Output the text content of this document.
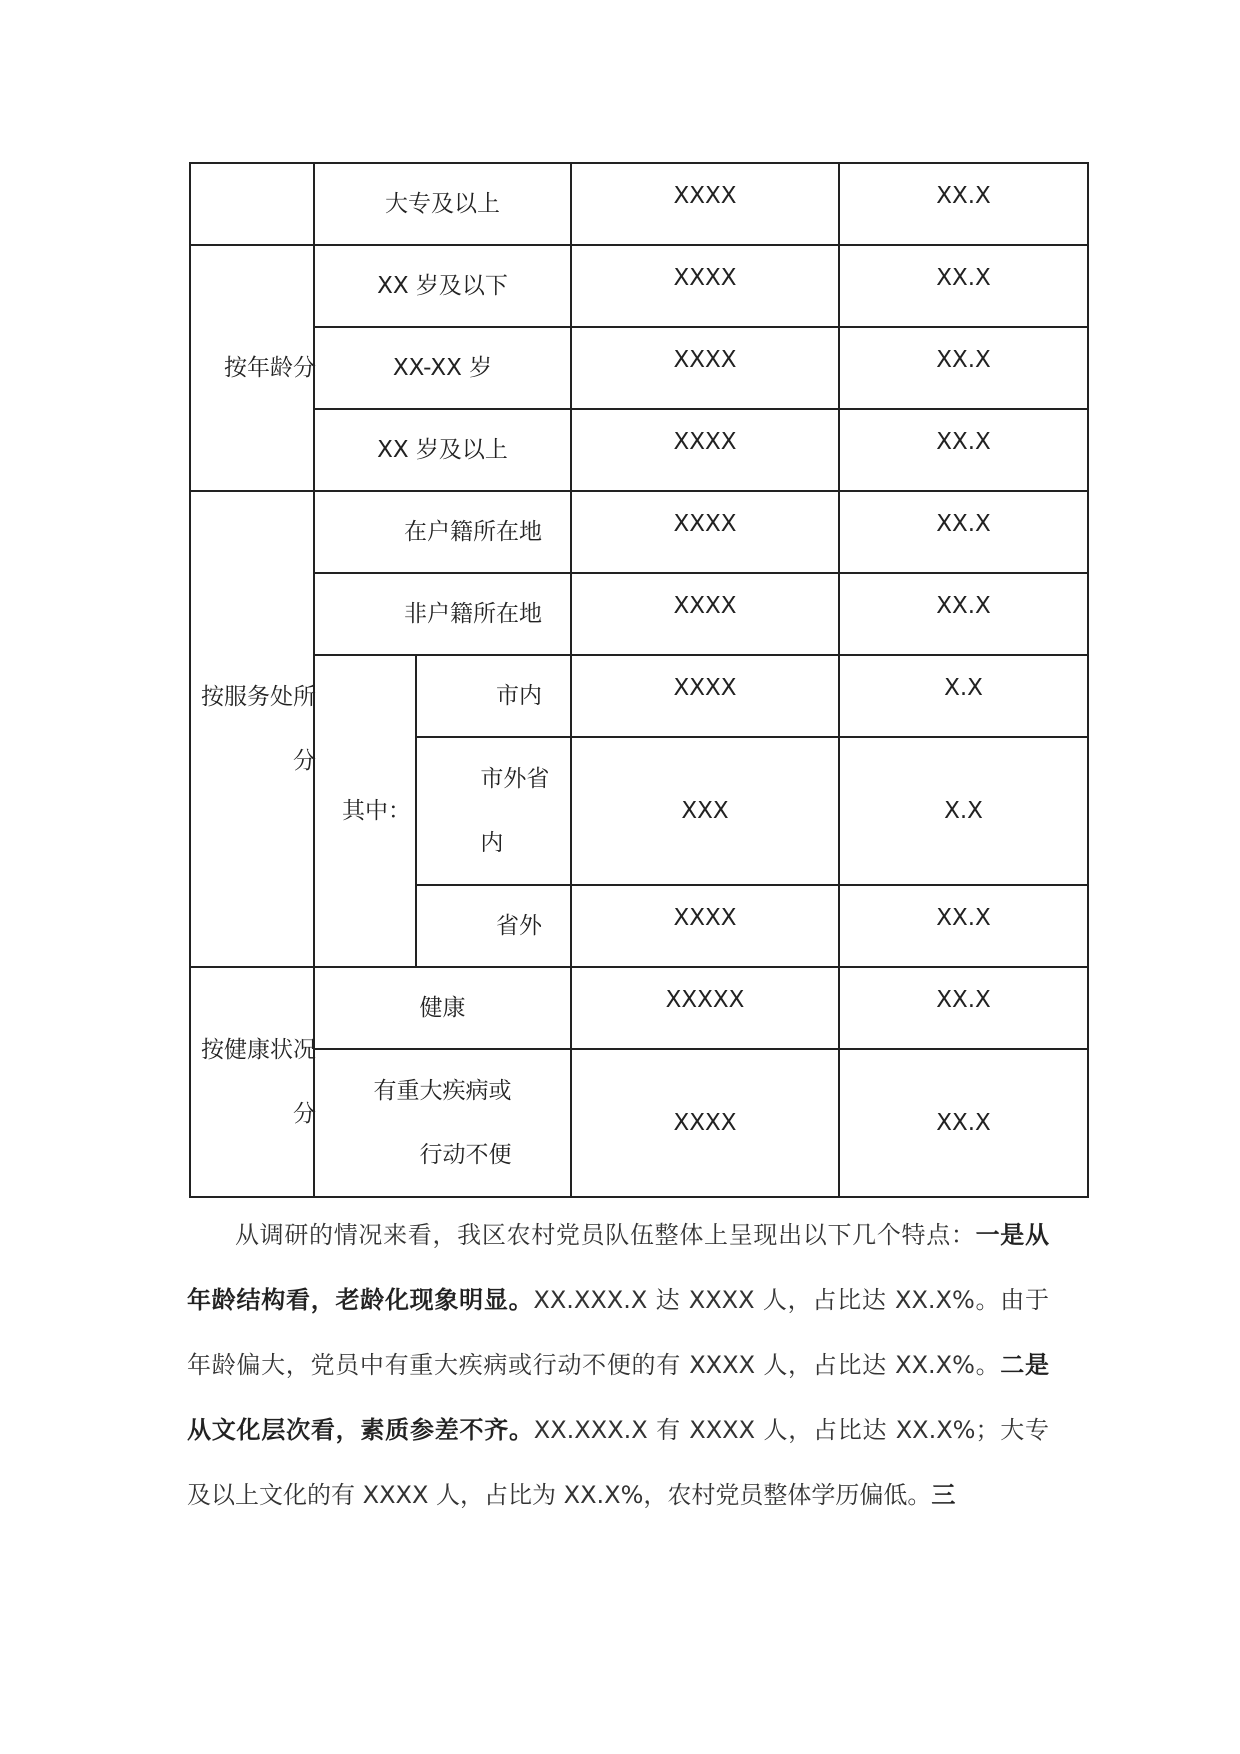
	大专及以上		XXXX	XX.X
按年龄分	XX 岁及以下		XXXX	XX.X
	XX-XX 岁		XXXX	XX.X
	XX 岁及以上		XXXX	XX.X
按服务处所分	在户籍所在地		XXXX	XX.X
	非户籍所在地		XXXX	XX.X
	其中：	市内	XXXX	X.X
		市外省内	XXX	X.X
		省外	XXXX	XX.X
按健康状况分	健康		XXXXX	XX.X
	有重大疾病或行动不便		XXXX	XX.X

从调研的情况来看，我区农村党员队伍整体上呈现出以下几个特点：一是从年龄结构看，老龄化现象明显。XX.XXX.X 达 XXXX 人，占比达 XX.X%。由于年龄偏大，党员中有重大疾病或行动不便的有 XXXX 人，占比达 XX.X%。二是从文化层次看，素质参差不齐。XX.XXX.X 有 XXXX 人，占比达 XX.X%；大专及以上文化的有 XXXX 人，占比为 XX.X%，农村党员整体学历偏低。三
